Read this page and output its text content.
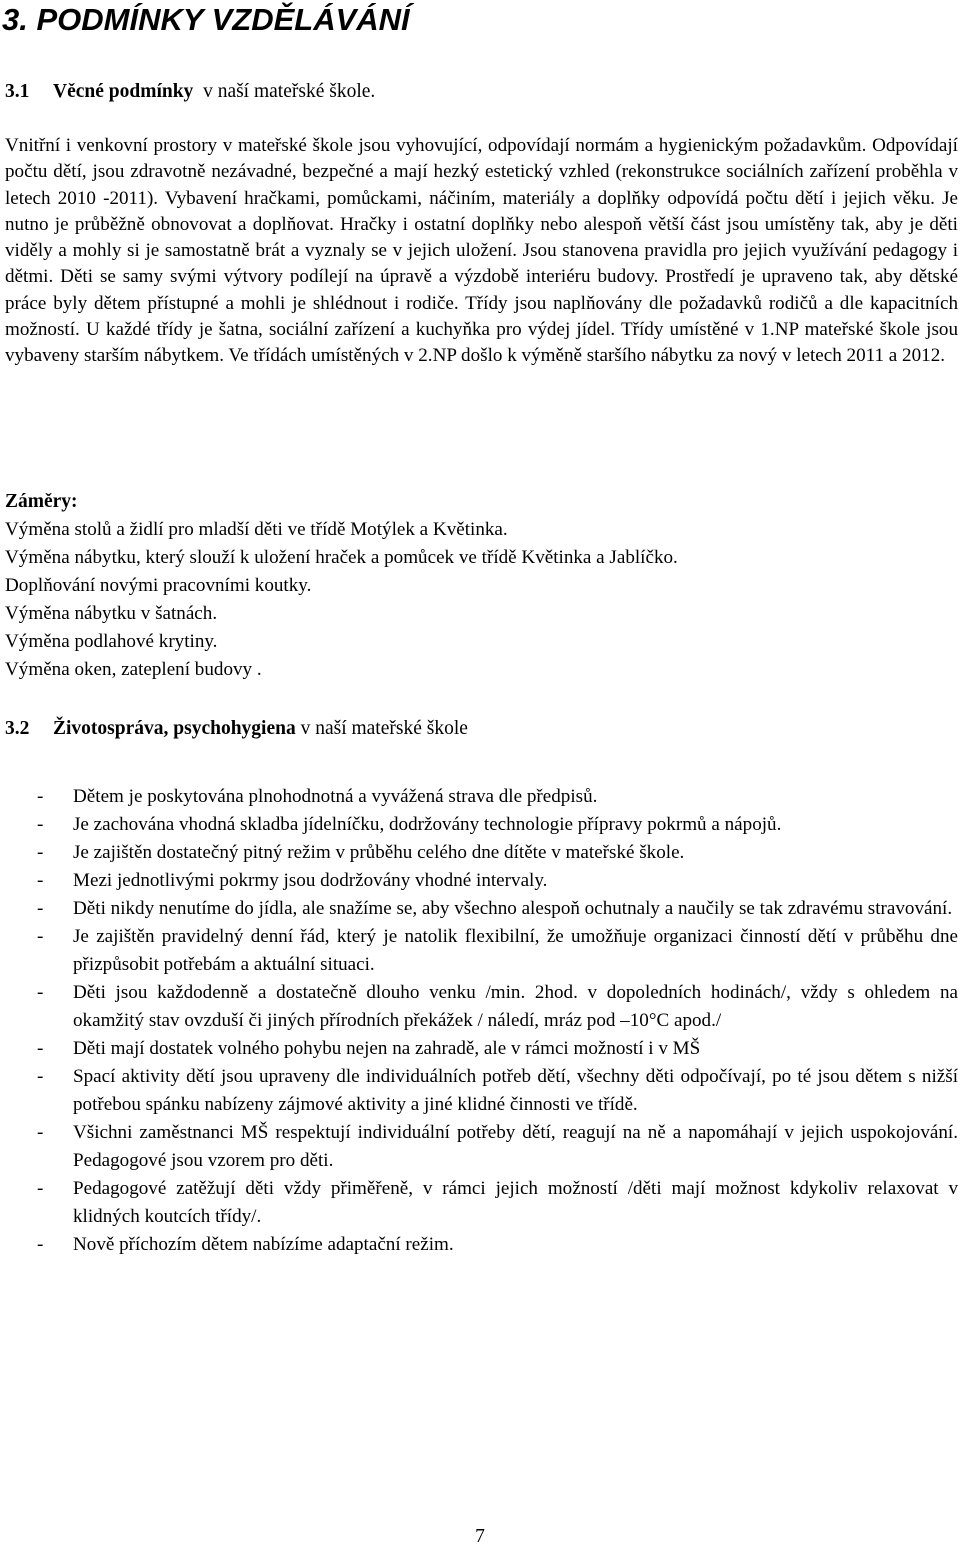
3. PODMÍNKY VZDĚLÁVÁNÍ

3.1 Věcné podmínky  v naší mateřské škole.

Vnitřní i venkovní prostory v mateřské škole jsou vyhovující, odpovídají normám a hygienickým požadavkům. Odpovídají počtu dětí, jsou zdravotně nezávadné, bezpečné a mají hezký estetický vzhled (rekonstrukce sociálních zařízení proběhla v letech 2010 -2011). Vybavení hračkami, pomůckami, náčiním, materiály a doplňky odpovídá počtu dětí i jejich věku. Je nutno je průběžně obnovovat a doplňovat. Hračky i ostatní doplňky nebo alespoň větší část jsou umístěny tak, aby je děti viděly a mohly si je samostatně brát a vyznaly se v jejich uložení. Jsou stanovena pravidla pro jejich využívání pedagogy i dětmi. Děti se samy svými výtvory podílejí na úpravě a výzdobě interiéru budovy. Prostředí je upraveno tak, aby dětské práce byly dětem přístupné a mohli je shlédnout i rodiče. Třídy jsou naplňovány dle požadavků rodičů a dle kapacitních možností. U každé třídy je šatna, sociální zařízení a kuchyňka pro výdej jídel. Třídy umístěné v 1.NP mateřské škole jsou vybaveny starším nábytkem. Ve třídách umístěných v 2.NP došlo k výměně staršího nábytku za nový v letech 2011 a 2012.

Záměry:

Výměna stolů a židlí pro mladší děti ve třídě Motýlek a Květinka.
Výměna nábytku, který slouží k uložení hraček a pomůcek ve třídě Květinka a Jablíčko.
Doplňování novými pracovními koutky.
Výměna nábytku v šatnách.
Výměna podlahové krytiny.
Výměna oken, zateplení budovy .

3.2 Životospráva, psychohygiena v naší mateřské škole

- Dětem je poskytována plnohodnotná a vyvážená strava dle předpisů.
- Je zachována vhodná skladba jídelníčku, dodržovány technologie přípravy pokrmů a nápojů.
- Je zajištěn dostatečný pitný režim v průběhu celého dne dítěte v mateřské škole.
- Mezi jednotlivými pokrmy jsou dodržovány vhodné intervaly.
- Děti nikdy nenutíme do jídla, ale snažíme se, aby všechno alespoň ochutnaly a naučily se tak zdravému stravování.
- Je zajištěn pravidelný denní řád, který je natolik flexibilní, že umožňuje organizaci činností dětí v průběhu dne přizpůsobit potřebám a aktuální situaci.
- Děti jsou každodenně a dostatečně dlouho venku /min. 2hod. v dopoledních hodinách/, vždy s ohledem na okamžitý stav ovzduší či jiných přírodních překážek / náledí, mráz pod –10°C apod./
- Děti mají dostatek volného pohybu nejen na zahradě, ale v rámci možností i v MŠ
- Spací aktivity dětí jsou upraveny dle individuálních potřeb dětí, všechny děti odpočívají, po té jsou dětem s nižší potřebou spánku nabízeny zájmové aktivity a jiné klidné činnosti ve třídě.
- Všichni zaměstnanci MŠ respektují individuální potřeby dětí, reagují na ně a napomáhají v jejich uspokojování. Pedagogové jsou vzorem pro děti.
- Pedagogové zatěžují děti vždy přiměřeně, v rámci jejich možností /děti mají možnost kdykoliv relaxovat v klidných koutcích třídy/.
- Nově příchozím dětem nabízíme adaptační režim.

7
